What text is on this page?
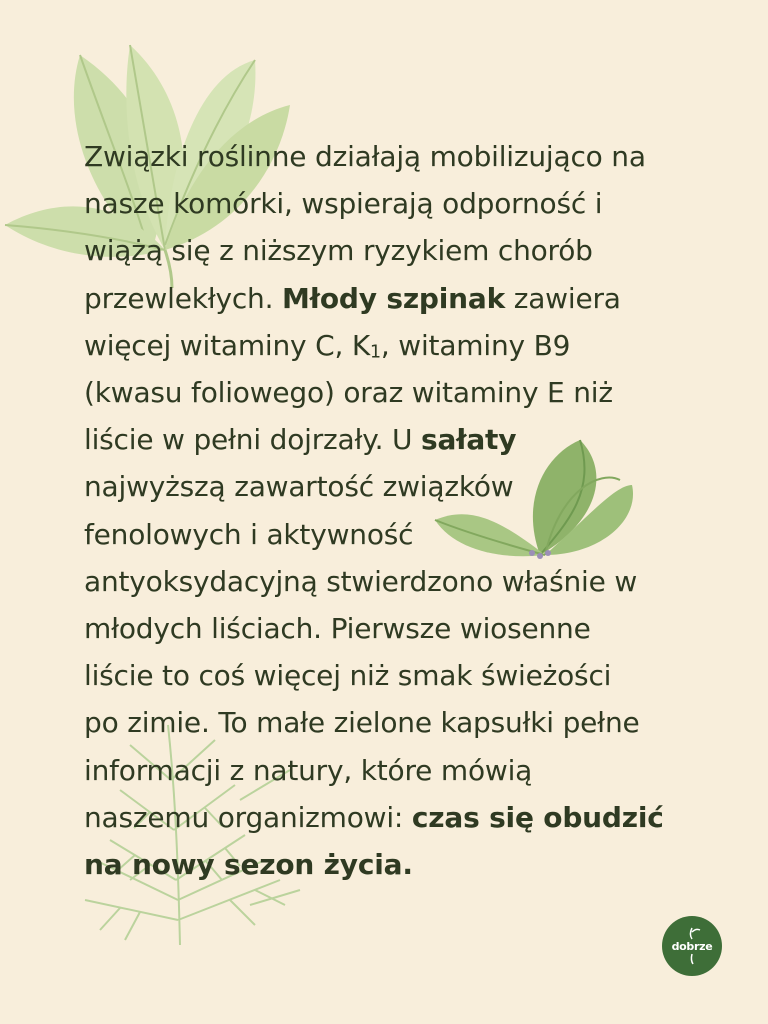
Związki roślinne działają mobilizująco na
nasze komórki, wspierają odporność i
wiążą się z niższym ryzykiem chorób
przewlekłych. Młody szpinak zawiera
więcej witaminy C, $K_1$, witaminy B9
(kwasu foliowego) oraz witaminy E niż
liście w pełni dojrzały. U sałaty
najwyższą zawartość związków
fenolowych i aktywność
antyoksydacyjną stwierdzono właśnie w
młodych liściach. Pierwsze wiosenne
liście to coś więcej niż smak świeżości
po zimie. To małe zielone kapsułki pełne
informacji z natury, które mówią
naszemu organizmowi: czas się obudzić
na nowy sezon życia.
dobrze
